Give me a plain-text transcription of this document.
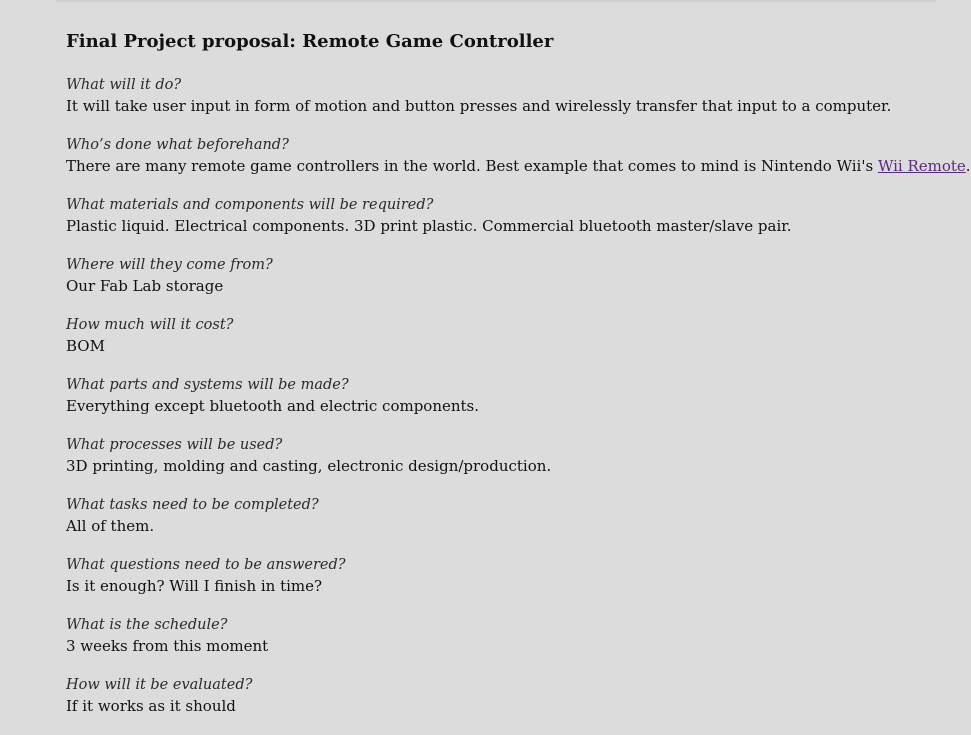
Final Project proposal: Remote Game Controller
What will it do?
It will take user input in form of motion and button presses and wirelessly transfer that input to a computer.
Who’s done what beforehand?
There are many remote game controllers in the world. Best example that comes to mind is Nintendo Wii's Wii Remote.
What materials and components will be required?
Plastic liquid. Electrical components. 3D print plastic. Commercial bluetooth master/slave pair.
Where will they come from?
Our Fab Lab storage
How much will it cost?
BOM
What parts and systems will be made?
Everything except bluetooth and electric components.
What processes will be used?
3D printing, molding and casting, electronic design/production.
What tasks need to be completed?
All of them.
What questions need to be answered?
Is it enough? Will I finish in time?
What is the schedule?
3 weeks from this moment
How will it be evaluated?
If it works as it should
